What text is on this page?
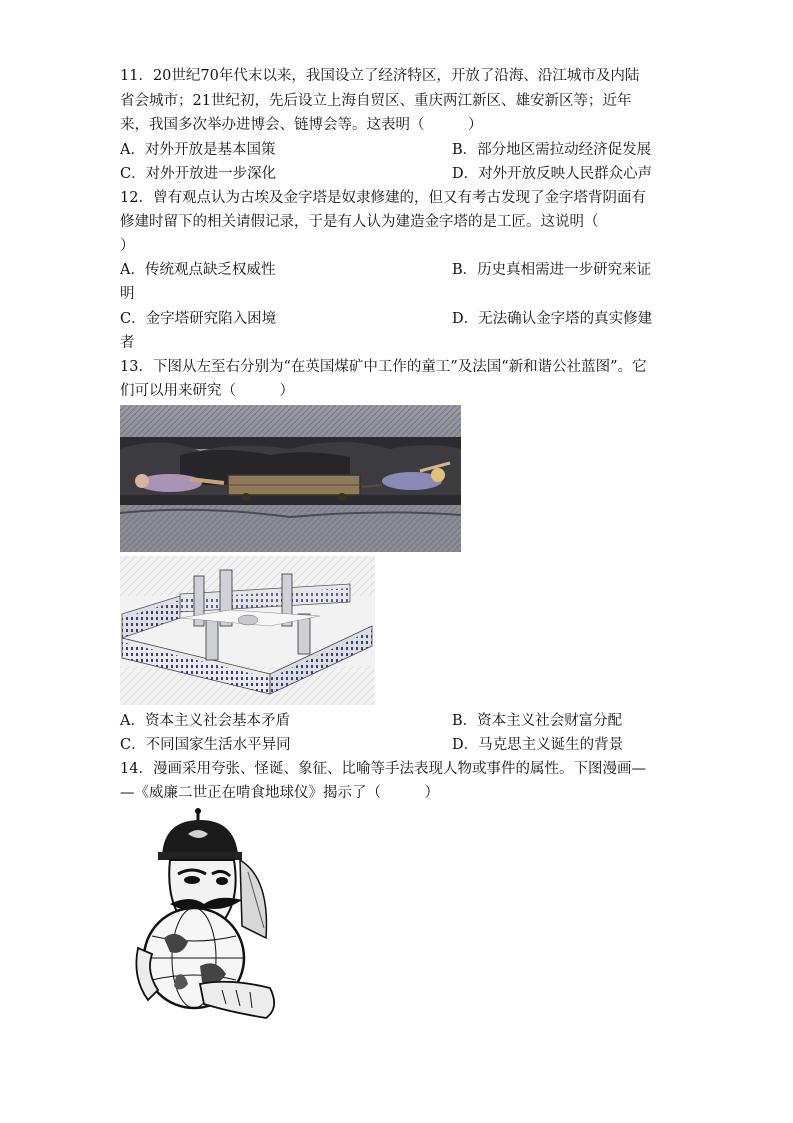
11．20世纪70年代末以来，我国设立了经济特区，开放了沿海、沿江城市及内陆
省会城市；21世纪初，先后设立上海自贸区、重庆两江新区、雄安新区等；近年
来，我国多次举办进博会、链博会等。这表明（　　　）
A．对外开放是基本国策	B．部分地区需拉动经济促发展
C．对外开放进一步深化	D．对外开放反映人民群众心声
12．曾有观点认为古埃及金字塔是奴隶修建的，但又有考古发现了金字塔背阴面有
修建时留下的相关请假记录，于是有人认为建造金字塔的是工匠。这说明（
）
A．传统观点缺乏权威性	B．历史真相需进一步研究来证
明
C．金字塔研究陷入困境	D．无法确认金字塔的真实修建
者
13．下图从左至右分别为“在英国煤矿中工作的童工”及法国“新和谐公社蓝图”。它
们可以用来研究（　　　）
A．资本主义社会基本矛盾	B．资本主义社会财富分配
C．不同国家生活水平异同	D．马克思主义诞生的背景
14．漫画采用夸张、怪诞、象征、比喻等手法表现人物或事件的属性。下图漫画—
—《威廉二世正在啃食地球仪》揭示了（　　　）
